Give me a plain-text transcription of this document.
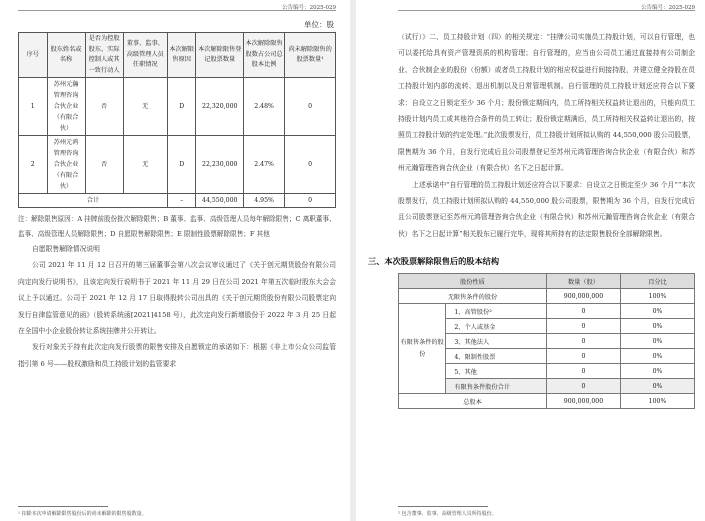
公告编号：2025-029
单位：股
序号	股东姓名或名称	是否为控股股东、实际控制人或其一致行动人	董事、监事、高级管理人员任职情况	本次解限售原因	本次解除限售登记股票数量	本次解除限售股数占公司总股本比例	尚未解除限售的股票数量¹
1	苏州元瀚
管理咨询
合伙企业
（有限合
伙）	否	无	D	22,320,000	2.48%	0
2	苏州元鸿
管理咨询
合伙企业
（有限合
伙）	否	无	D	22,230,000	2.47%	0
合计				–	44,550,000	4.95%	0
注：解除限售原因：A 挂牌前股份批次解除限售；B 董事、监事、高级管理人员每年解除限售；C 离职董事、监事、高级管理人员解除限售；D 自愿限售解除限售；E 限制性股票解除限售；F 其他

自愿限售解除情况说明

公司 2021 年 11 月 12 日召开的第三届董事会第八次会议审议通过了《关于创元期货股份有限公司向定向发行说明书》，且该定向发行说明书于 2021 年 11 月 29 日在公司 2021 年第五次临时股东大会会议上予以通过。公司于 2021 年 12 月 17 日取得股转公司出具的《关于创元期货股份有限公司股票定向发行自律监管意见的函》（股转系统函[2021]4158 号），此次定向发行新增股份于 2022 年 3 月 25 日起在全国中小企业股份转让系统挂牌并公开转让。

发行对象关于持有此次定向发行股票的限售安排及自愿锁定的承诺如下：根据《非上市公众公司监管指引第 6 号——股权激励和员工持股计划的监管要求

¹ 扣除本次申请解除限售股份后的尚未解除的限售股数量。
公告编号：2025-029

（试行）》二、员工持股计划（四）的相关规定：“挂牌公司实施员工持股计划，可以自行管理，也可以委托给具有资产管理资质的机构管理；自行管理的，应当由公司员工通过直接持有公司制企业、合伙制企业的股份（份额）或者员工持股计划的相应权益进行间接持股，并建立健全持股在员工持股计划内部的流转、退出机制以及日常管理机制。自行管理的员工持股计划还应符合以下要求：自设立之日锁定至少 36 个月；股份锁定期间内，员工所持相关权益转让退出的，只能向员工持股计划内员工或其他符合条件的员工转让；股份锁定期满后，员工所持相关权益转让退出的，按照员工持股计划的约定处理。”此次股票发行，员工持股计划所拟认购的 44,550,000 股公司股票，限售期为 36 个月，自发行完成后且公司股票登记至苏州元鸿管理咨询合伙企业（有限合伙）和苏州元瀚管理咨询合伙企业（有限合伙）名下之日起计算。

上述承诺中“自行管理的员工持股计划还应符合以下要求：自设立之日锁定至少 36 个月”“本次股票发行，员工持股计划所拟认购的 44,550,000 股公司股票，限售期为 36 个月，自发行完成后且公司股票登记至苏州元鸿管理咨询合伙企业（有限合伙）和苏州元瀚管理咨询合伙企业（有限合伙）名下之日起计算”相关股东已履行完毕，现将其所持有的法定限售股份全部解除限售。

三、本次股票解除限售后的股本结构
股份性质		数量（股）	百分比
无限售条件的股份		900,000,000	100%
有限售条件的股份	1、高管股份²	0	0%
	2、个人或基金	0	0%
	3、其他法人	0	0%
	4、限制性股票	0	0%
	5、其他	0	0%
	有限售条件股份合计	0	0%
总股本		900,000,000	100%
² 包含董事、监事、高级管理人员所持股份。
